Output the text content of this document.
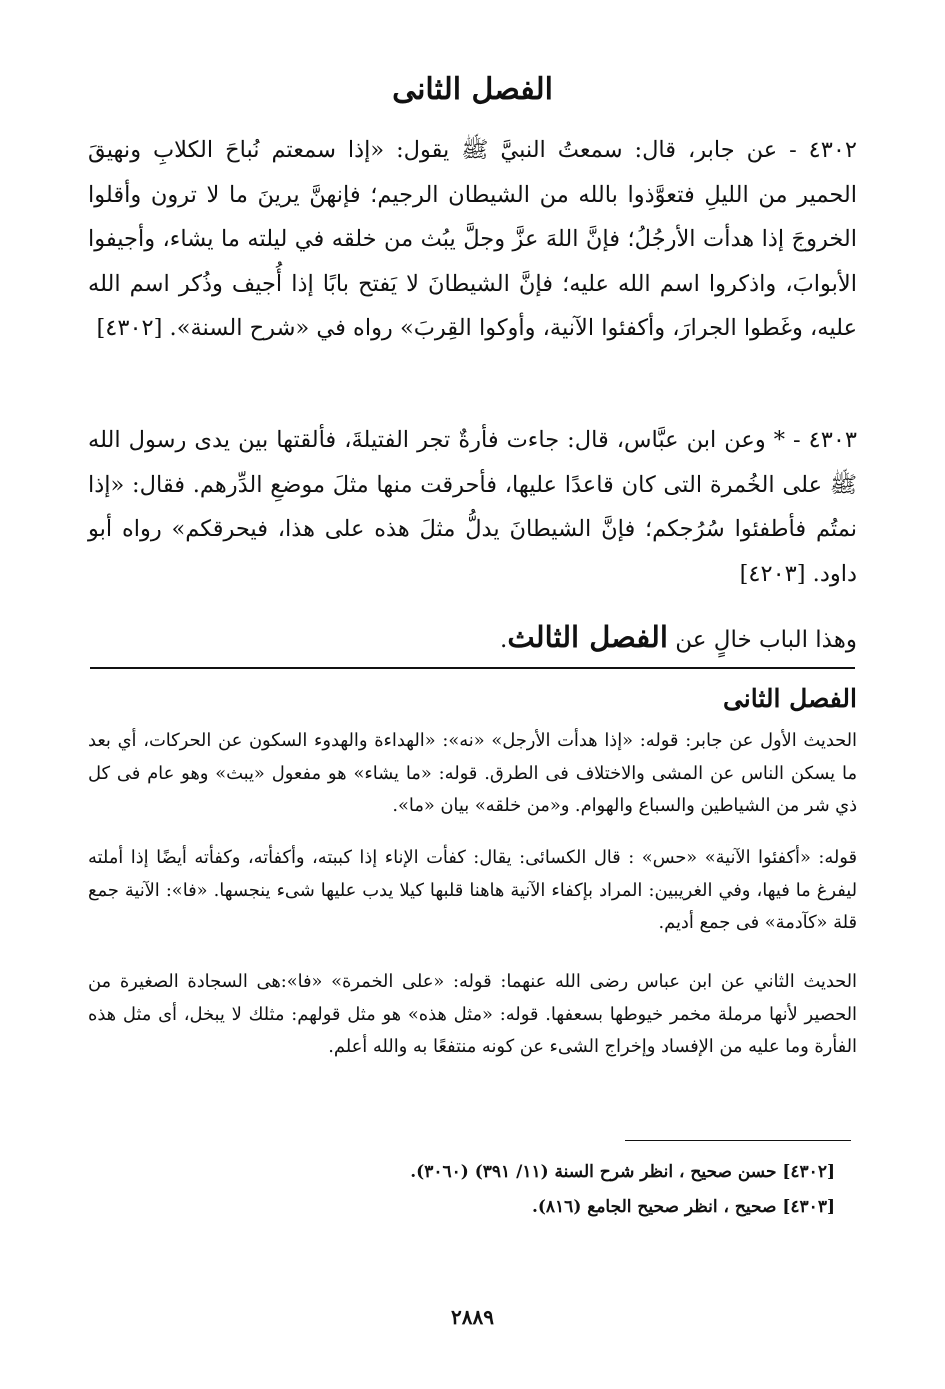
الفصل الثانى
٤٣٠٢ - عن جابر، قال: سمعتُ النبيَّ ﷺ يقول: «إذا سمعتم نُباحَ الكلابِ ونهيقَ الحمير من الليلِ فتعوَّذوا بالله من الشيطان الرجيم؛ فإنهنَّ يرينَ ما لا ترون وأقلوا الخروجَ إذا هدأت الأرجُلُ؛ فإنَّ اللهَ عزَّ وجلَّ يبُث من خلقه في ليلته ما يشاء، وأجيفوا الأبوابَ، واذكروا اسم الله عليه؛ فإنَّ الشيطانَ لا يَفتح بابًا إذا أُجيف وذُكر اسم الله عليه، وغَطوا الجرارَ، وأكفئوا الآنية، وأوكوا القِربَ» رواه في «شرح السنة». [٤٣٠٢]
٤٣٠٣ - * وعن ابن عبَّاس، قال: جاءت فأرةٌ تجر الفتيلةَ، فألقتها بين يدى رسول الله ﷺ على الخُمرة التى كان قاعدًا عليها، فأحرقت منها مثلَ موضعِ الدِّرهم. فقال: «إذا نمتُم فأطفئوا سُرُجكم؛ فإنَّ الشيطانَ يدلُّ مثلَ هذه على هذا، فيحرقكم» رواه أبو داود. [٤٢٠٣]
وهذا الباب خالٍ عن الفصل الثالث.
الفصل الثانى
الحديث الأول عن جابر: قوله: «إذا هدأت الأرجل» «نه»: «الهداءة والهدوء السكون عن الحركات، أي بعد ما يسكن الناس عن المشى والاختلاف فى الطرق. قوله: «ما يشاء» هو مفعول «يبث» وهو عام فى كل ذي شر من الشياطين والسباع والهوام. و«من خلقه» بيان «ما».
قوله: «أكفئوا الآنية» «حس» : قال الكسائى: يقال: كفأت الإناء إذا كببته، وأكفأته، وكفأته أيضًا إذا أملته ليفرغ ما فيها، وفي الغريبين: المراد بإكفاء الآنية هاهنا قلبها كيلا يدب عليها شىء ينجسها. «فا»: الآنية جمع قلة «كآدمة» فى جمع أديم.
الحديث الثاني عن ابن عباس رضى الله عنهما: قوله: «على الخمرة» «فا»:هى السجادة الصغيرة من الحصير لأنها مرملة مخمر خيوطها بسعفها. قوله: «مثل هذه» هو مثل قولهم: مثلك لا يبخل، أى مثل هذه الفأرة وما عليه من الإفساد وإخراج الشىء عن كونه منتفعًا به والله أعلم.
[٤٣٠٢] حسن صحيح ، انظر شرح السنة (١١/ ٣٩١) (٣٠٦٠).
[٤٣٠٣] صحيح ، انظر صحيح الجامع (٨١٦).
٢٨٨٩
